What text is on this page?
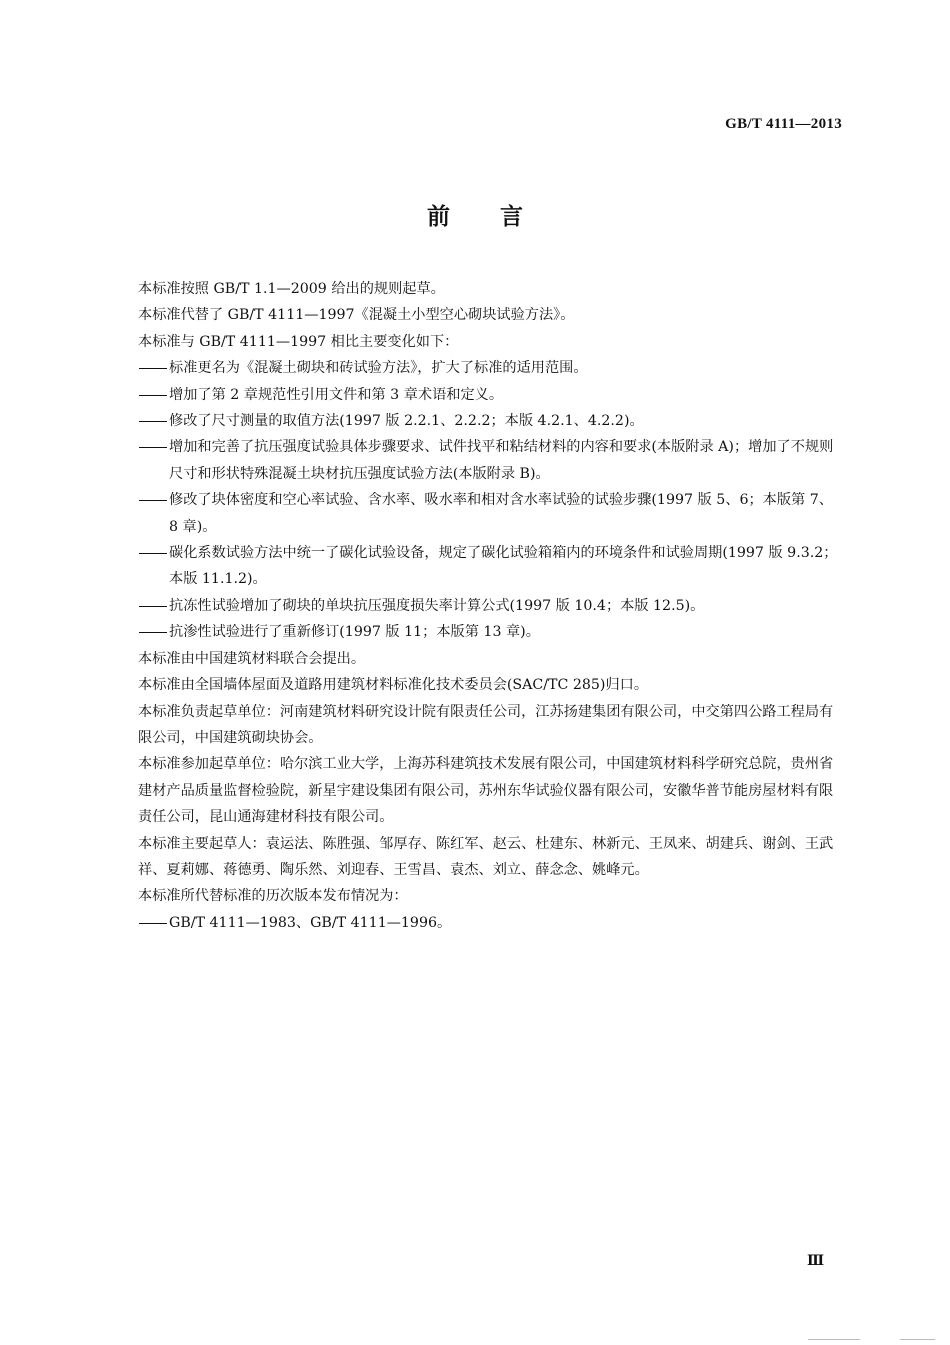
GB/T 4111—2013
前言

本标准按照 GB/T 1.1—2009 给出的规则起草。

本标准代替了 GB/T 4111—1997《混凝土小型空心砌块试验方法》。

本标准与 GB/T 4111—1997 相比主要变化如下：

标准更名为《混凝土砌块和砖试验方法》，扩大了标准的适用范围。

增加了第 2 章规范性引用文件和第 3 章术语和定义。

修改了尺寸测量的取值方法(1997 版 2.2.1、2.2.2；本版 4.2.1、4.2.2)。

增加和完善了抗压强度试验具体步骤要求、试件找平和粘结材料的内容和要求(本版附录 A)；增加了不规则尺寸和形状特殊混凝土块材抗压强度试验方法(本版附录 B)。

修改了块体密度和空心率试验、含水率、吸水率和相对含水率试验的试验步骤(1997 版 5、6；本版第 7、8 章)。

碳化系数试验方法中统一了碳化试验设备，规定了碳化试验箱箱内的环境条件和试验周期(1997 版 9.3.2；本版 11.1.2)。

抗冻性试验增加了砌块的单块抗压强度损失率计算公式(1997 版 10.4；本版 12.5)。

抗渗性试验进行了重新修订(1997 版 11；本版第 13 章)。

本标准由中国建筑材料联合会提出。

本标准由全国墙体屋面及道路用建筑材料标准化技术委员会(SAC/TC 285)归口。

本标准负责起草单位：河南建筑材料研究设计院有限责任公司，江苏扬建集团有限公司，中交第四公路工程局有限公司，中国建筑砌块协会。

本标准参加起草单位：哈尔滨工业大学，上海苏科建筑技术发展有限公司，中国建筑材料科学研究总院，贵州省建材产品质量监督检验院，新星宇建设集团有限公司，苏州东华试验仪器有限公司，安徽华普节能房屋材料有限责任公司，昆山通海建材科技有限公司。

本标准主要起草人：袁运法、陈胜强、邹厚存、陈红军、赵云、杜建东、林新元、王凤来、胡建兵、谢剑、王武祥、夏莉娜、蒋德勇、陶乐然、刘迎春、王雪昌、袁杰、刘立、薛念念、姚峰元。

本标准所代替标准的历次版本发布情况为：

GB/T 4111—1983、GB/T 4111—1996。

Ⅲ
